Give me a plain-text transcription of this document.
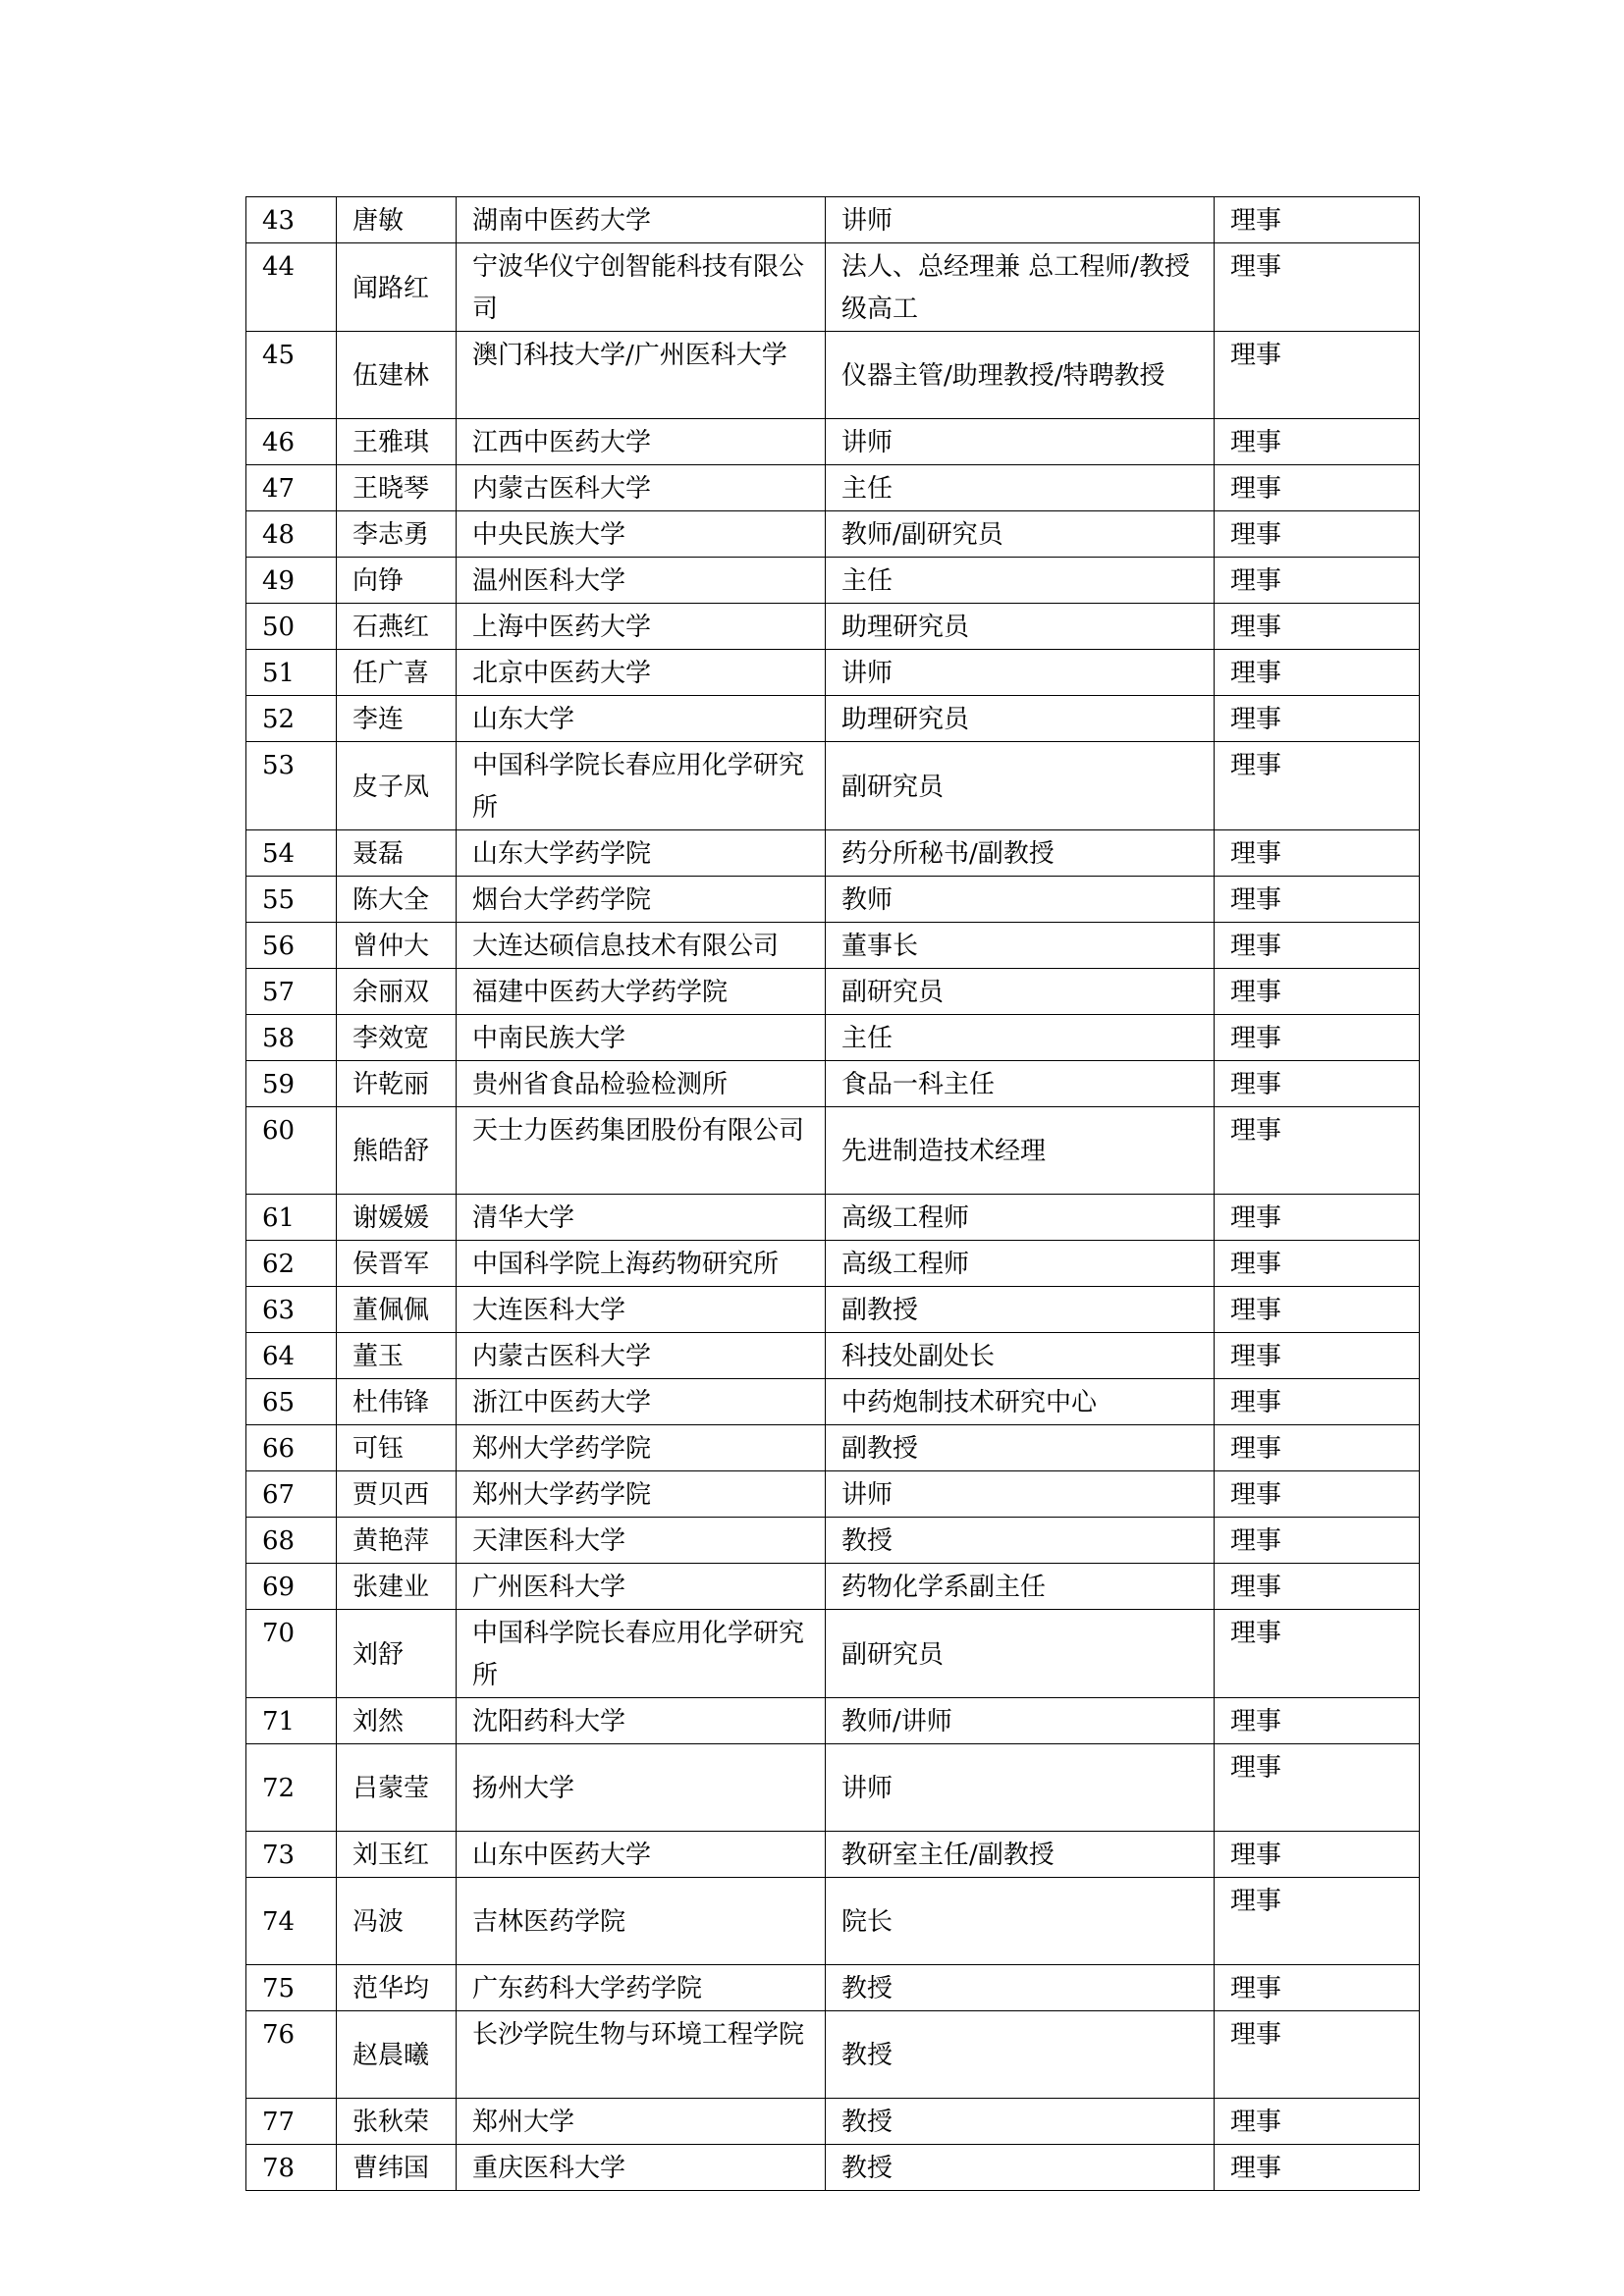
43	唐敏	湖南中医药大学	讲师	理事
44	闻路红	宁波华仪宁创智能科技有限公司	法人、总经理兼 总工程师/教授级高工	理事
45	伍建林	澳门科技大学/广州医科大学	仪器主管/助理教授/特聘教授	理事
46	王雅琪	江西中医药大学	讲师	理事
47	王晓琴	内蒙古医科大学	主任	理事
48	李志勇	中央民族大学	教师/副研究员	理事
49	向铮	温州医科大学	主任	理事
50	石燕红	上海中医药大学	助理研究员	理事
51	任广喜	北京中医药大学	讲师	理事
52	李连	山东大学	助理研究员	理事
53	皮子凤	中国科学院长春应用化学研究所	副研究员	理事
54	聂磊	山东大学药学院	药分所秘书/副教授	理事
55	陈大全	烟台大学药学院	教师	理事
56	曾仲大	大连达硕信息技术有限公司	董事长	理事
57	余丽双	福建中医药大学药学院	副研究员	理事
58	李效宽	中南民族大学	主任	理事
59	许乾丽	贵州省食品检验检测所	食品一科主任	理事
60	熊皓舒	天士力医药集团股份有限公司	先进制造技术经理	理事
61	谢媛媛	清华大学	高级工程师	理事
62	侯晋军	中国科学院上海药物研究所	高级工程师	理事
63	董佩佩	大连医科大学	副教授	理事
64	董玉	内蒙古医科大学	科技处副处长	理事
65	杜伟锋	浙江中医药大学	中药炮制技术研究中心	理事
66	可钰	郑州大学药学院	副教授	理事
67	贾贝西	郑州大学药学院	讲师	理事
68	黄艳萍	天津医科大学	教授	理事
69	张建业	广州医科大学	药物化学系副主任	理事
70	刘舒	中国科学院长春应用化学研究所	副研究员	理事
71	刘然	沈阳药科大学	教师/讲师	理事
72	吕蒙莹	扬州大学	讲师	理事
73	刘玉红	山东中医药大学	教研室主任/副教授	理事
74	冯波	吉林医药学院	院长	理事
75	范华均	广东药科大学药学院	教授	理事
76	赵晨曦	长沙学院生物与环境工程学院	教授	理事
77	张秋荣	郑州大学	教授	理事
78	曹纬国	重庆医科大学	教授	理事
